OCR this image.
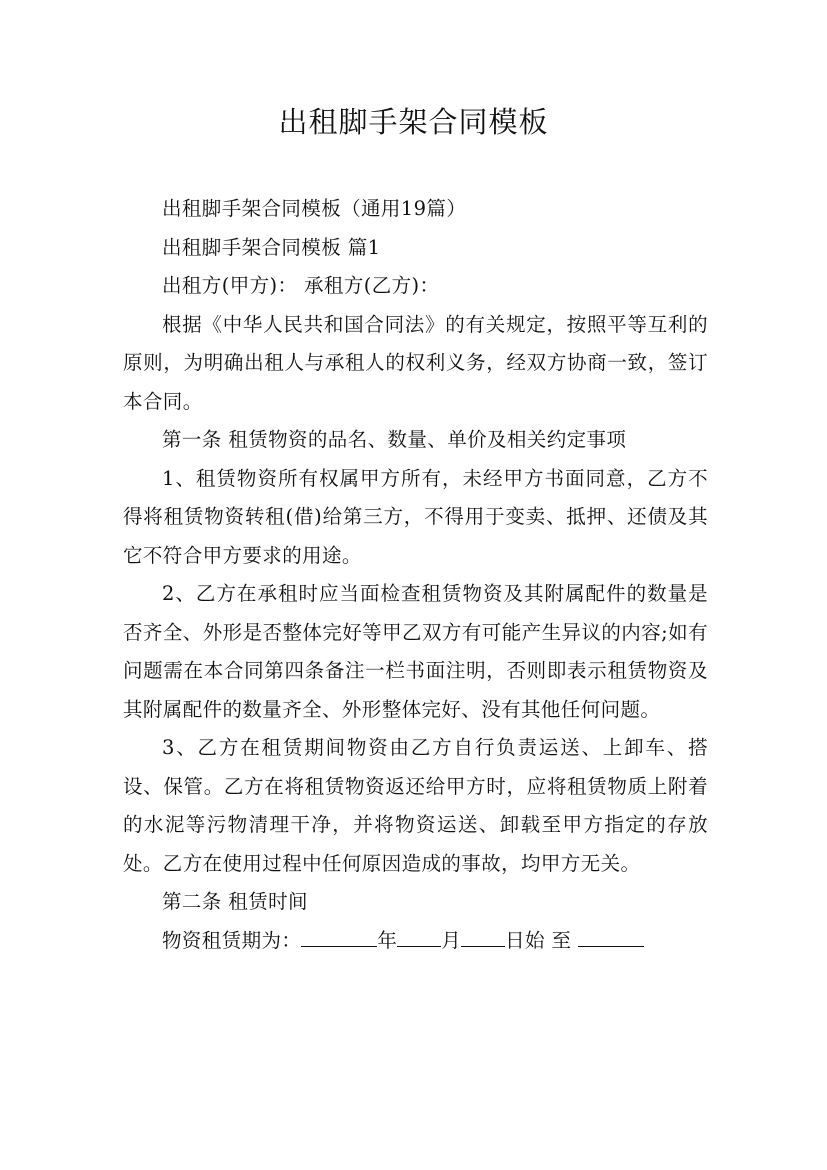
出租脚手架合同模板

出租脚手架合同模板（通用19篇）

出租脚手架合同模板 篇1

出租方(甲方)： 承租方(乙方)：

根据《中华人民共和国合同法》的有关规定，按照平等互利的原则，为明确出租人与承租人的权利义务，经双方协商一致，签订本合同。

第一条 租赁物资的品名、数量、单价及相关约定事项

1、租赁物资所有权属甲方所有，未经甲方书面同意，乙方不得将租赁物资转租(借)给第三方，不得用于变卖、抵押、还债及其它不符合甲方要求的用途。

2、乙方在承租时应当面检查租赁物资及其附属配件的数量是否齐全、外形是否整体完好等甲乙双方有可能产生异议的内容;如有问题需在本合同第四条备注一栏书面注明，否则即表示租赁物资及其附属配件的数量齐全、外形整体完好、没有其他任何问题。

3、乙方在租赁期间物资由乙方自行负责运送、上卸车、搭设、保管。乙方在将租赁物资返还给甲方时，应将租赁物质上附着的水泥等污物清理干净，并将物资运送、卸载至甲方指定的存放处。乙方在使用过程中任何原因造成的事故，均甲方无关。

第二条 租赁时间

物资租赁期为：	年 月 日始 至
